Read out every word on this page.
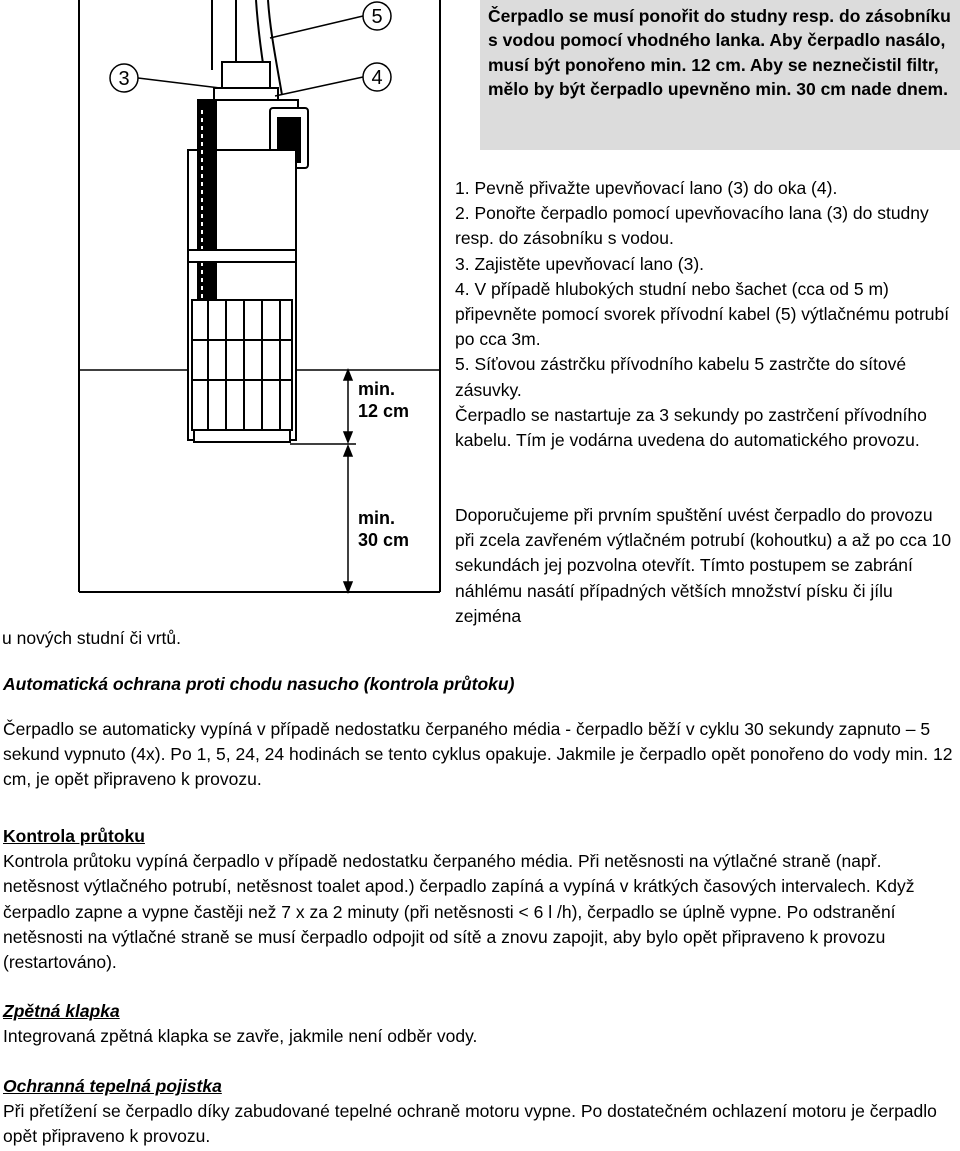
3
5
4
min.
12 cm
min.
30 cm
Čerpadlo se musí ponořit do studny resp. do zásobníku s vodou pomocí vhodného lanka. Aby čerpadlo nasálo, musí být ponořeno min. 12 cm. Aby se neznečistil filtr, mělo by být čerpadlo upevněno min. 30 cm nade dnem.
1. Pevně přivažte upevňovací lano (3) do oka (4).
2. Ponořte čerpadlo pomocí upevňovacího lana (3) do studny resp. do zásobníku s vodou.
3. Zajistěte upevňovací lano (3).
4. V případě hlubokých studní nebo šachet (cca od 5 m) připevněte pomocí svorek přívodní kabel (5) výtlačnému potrubí po cca 3m.
5. Síťovou zástrčku přívodního kabelu 5 zastrčte do sítové zásuvky.
Čerpadlo se nastartuje za 3 sekundy po zastrčení přívodního kabelu. Tím je vodárna uvedena do automatického provozu.
Doporučujeme při prvním spuštění uvést čerpadlo do provozu při zcela zavřeném výtlačném potrubí (kohoutku) a až po cca 10 sekundách jej pozvolna otevřít. Tímto postupem se zabrání náhlému nasátí případných větších množství písku či jílu zejména
u nových studní či vrtů.
Automatická ochrana proti chodu nasucho (kontrola průtoku)
Čerpadlo se automaticky vypíná v případě nedostatku čerpaného média - čerpadlo běží v cyklu 30 sekundy zapnuto – 5 sekund vypnuto (4x). Po 1, 5, 24, 24 hodinách se tento cyklus opakuje. Jakmile je čerpadlo opět ponořeno do vody min. 12 cm, je opět připraveno k provozu.
Kontrola průtoku
Kontrola průtoku vypíná čerpadlo v případě nedostatku čerpaného média. Při netěsnosti na výtlačné straně (např. netěsnost výtlačného potrubí, netěsnost toalet apod.) čerpadlo zapíná a vypíná v krátkých časových intervalech. Když čerpadlo zapne a vypne častěji než 7 x za 2 minuty (při netěsnosti < 6 l /h), čerpadlo se úplně vypne. Po odstranění netěsnosti na výtlačné straně se musí čerpadlo odpojit od sítě a znovu zapojit, aby bylo opět připraveno k provozu (restartováno).
Zpětná klapka
Integrovaná zpětná klapka se zavře, jakmile není odběr vody.
Ochranná tepelná pojistka
Při přetížení se čerpadlo díky zabudované tepelné ochraně motoru vypne. Po dostatečném ochlazení motoru je čerpadlo opět připraveno k provozu.
